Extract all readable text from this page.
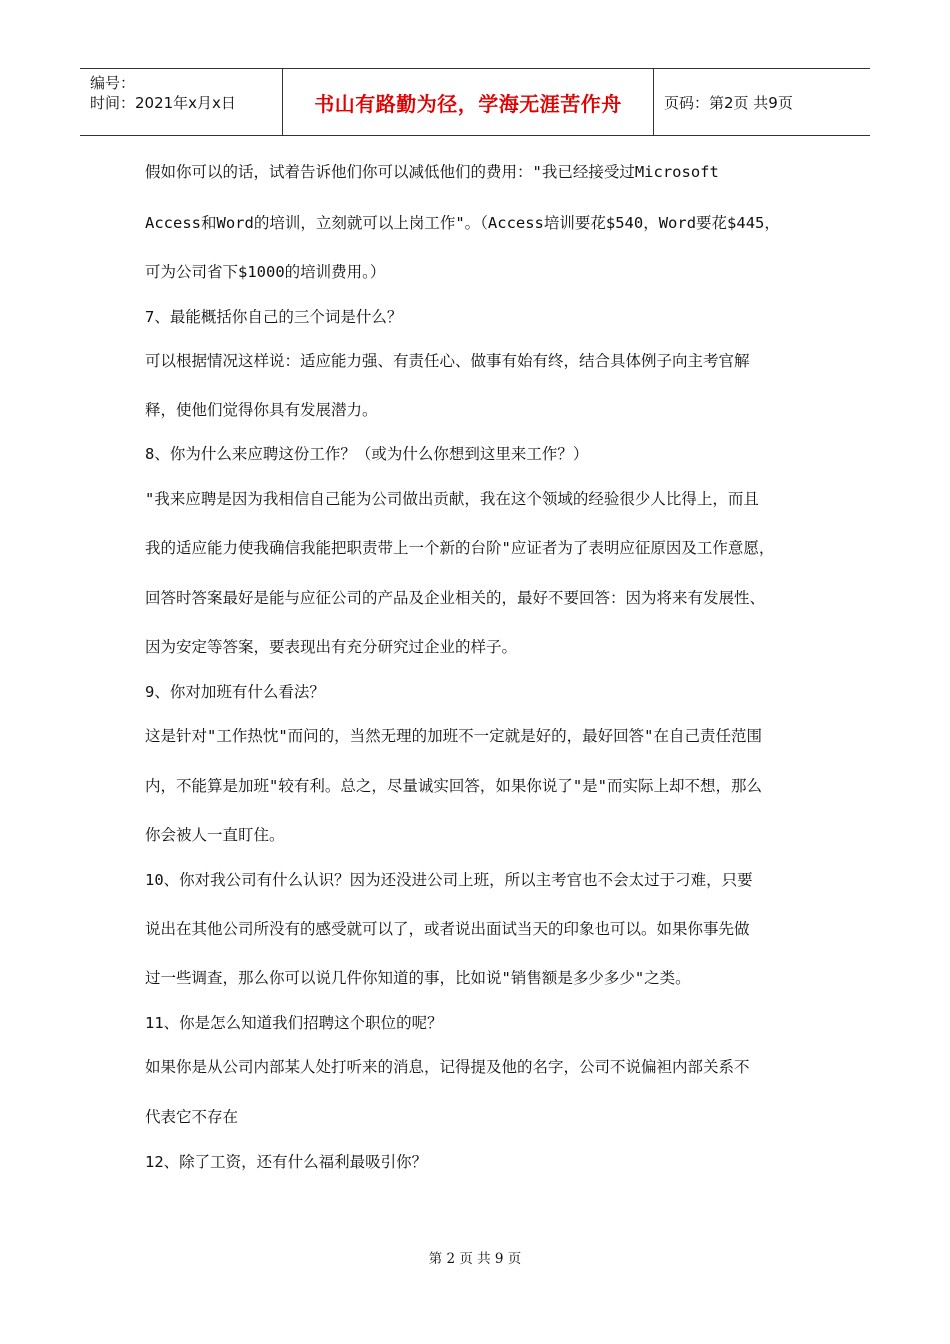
编号：
时间：2021年x月x日	书山有路勤为径，学海无涯苦作舟	页码：第2页 共9页
假如你可以的话，试着告诉他们你可以减低他们的费用："我已经接受过Microsoft
Access和Word的培训，立刻就可以上岗工作"。（Access培训要花$540，Word要花$445，
可为公司省下$1000的培训费用。）
7、最能概括你自己的三个词是什么？
可以根据情况这样说：适应能力强、有责任心、做事有始有终，结合具体例子向主考官解
释，使他们觉得你具有发展潜力。
8、你为什么来应聘这份工作？（或为什么你想到这里来工作？）
"我来应聘是因为我相信自己能为公司做出贡献，我在这个领域的经验很少人比得上，而且
我的适应能力使我确信我能把职责带上一个新的台阶"应证者为了表明应征原因及工作意愿，
回答时答案最好是能与应征公司的产品及企业相关的，最好不要回答：因为将来有发展性、
因为安定等答案，要表现出有充分研究过企业的样子。
9、你对加班有什么看法？
这是针对"工作热忱"而问的，当然无理的加班不一定就是好的，最好回答"在自己责任范围
内，不能算是加班"较有利。总之，尽量诚实回答，如果你说了"是"而实际上却不想，那么
你会被人一直盯住。
10、你对我公司有什么认识？因为还没进公司上班，所以主考官也不会太过于刁难，只要
说出在其他公司所没有的感受就可以了，或者说出面试当天的印象也可以。如果你事先做
过一些调查，那么你可以说几件你知道的事，比如说"销售额是多少多少"之类。
11、你是怎么知道我们招聘这个职位的呢？
如果你是从公司内部某人处打听来的消息，记得提及他的名字，公司不说偏袒内部关系不
代表它不存在
12、除了工资，还有什么福利最吸引你？
第 2 页 共 9 页
